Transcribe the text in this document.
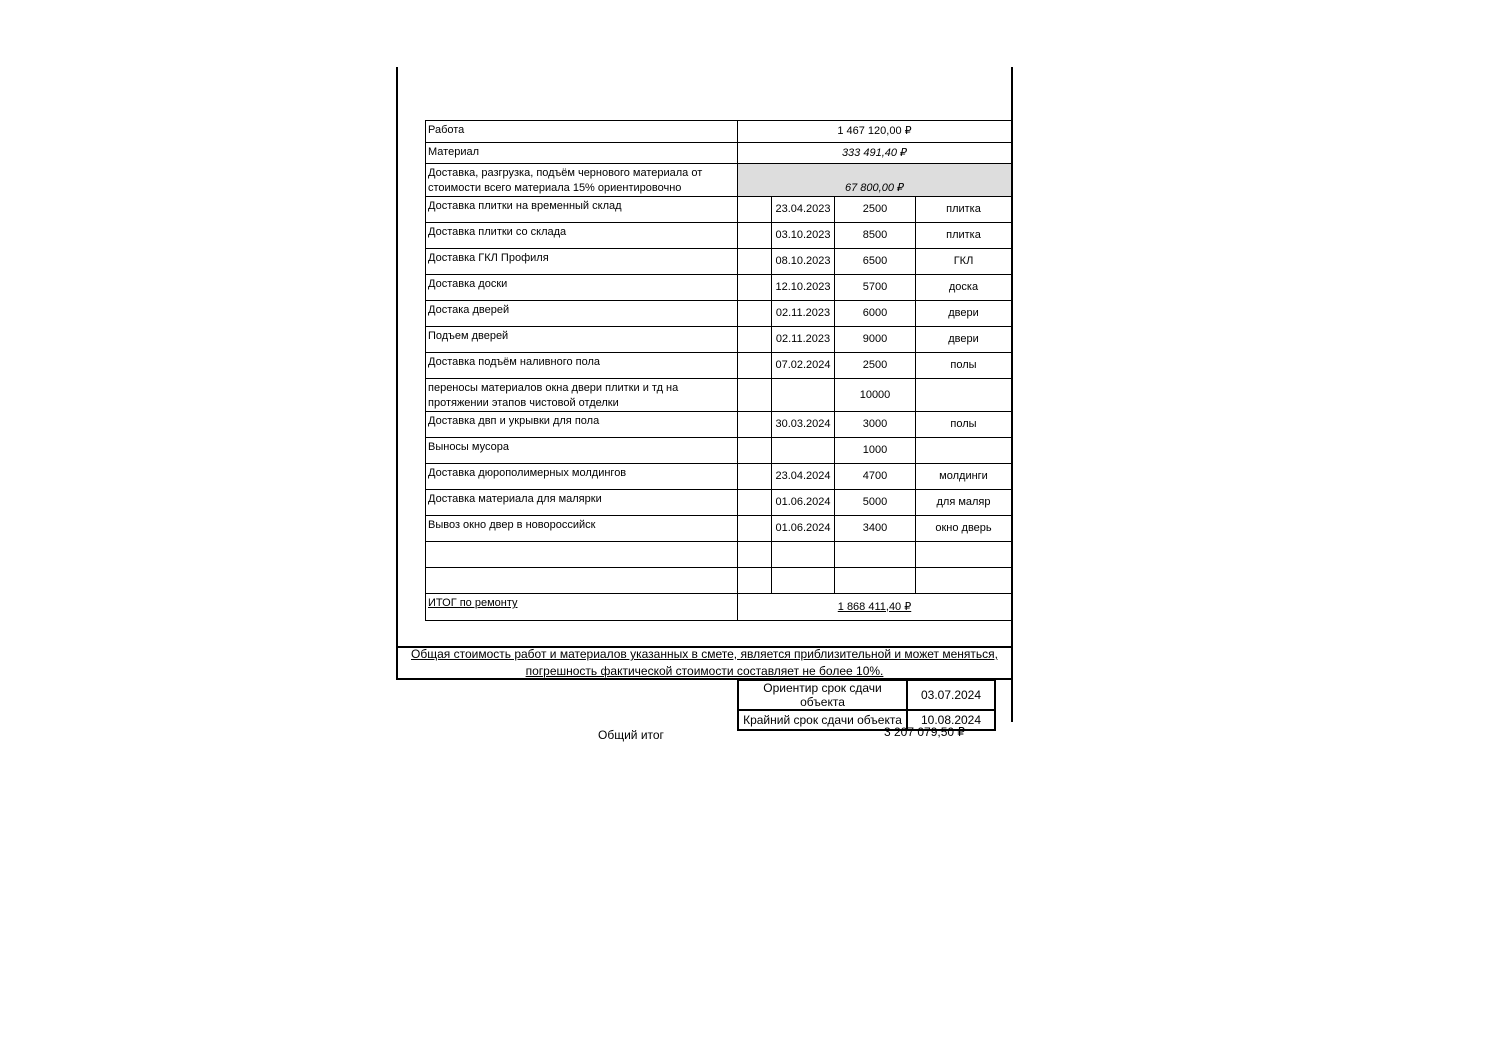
Работа	1 467 120,00 ₽			
Материал	333 491,40 ₽			
Доставка, разгрузка, подъём чернового материала от стоимости всего материала 15% ориентировочно	67 800,00 ₽			
Доставка плитки на временный склад		23.04.2023	2500	плитка
Доставка плитки со склада		03.10.2023	8500	плитка
Доставка ГКЛ Профиля		08.10.2023	6500	ГКЛ
Доставка доски		12.10.2023	5700	доска
Достака дверей		02.11.2023	6000	двери
Подъем дверей		02.11.2023	9000	двери
Доставка подъём наливного пола		07.02.2024	2500	полы
переносы материалов окна двери плитки и тд на протяжении этапов чистовой отделки			10000	
Доставка двп и укрывки для пола		30.03.2024	3000	полы
Выносы мусора			1000	
Доставка дюрополимерных молдингов		23.04.2024	4700	молдинги
Доставка материала для малярки		01.06.2024	5000	для маляр
Вывоз окно двер в новороссийск		01.06.2024	3400	окно дверь

ИТОГ по ремонту	1 868 411,40 ₽			
Общая стоимость работ и материалов указанных в смете, является приблизительной и может меняться,
погрешность фактической стоимости составляет не более 10%.
Ориентир срок сдачи объекта	03.07.2024
Крайний срок сдачи объекта	10.08.2024
Общий итог	3 207 079,50 ₽
